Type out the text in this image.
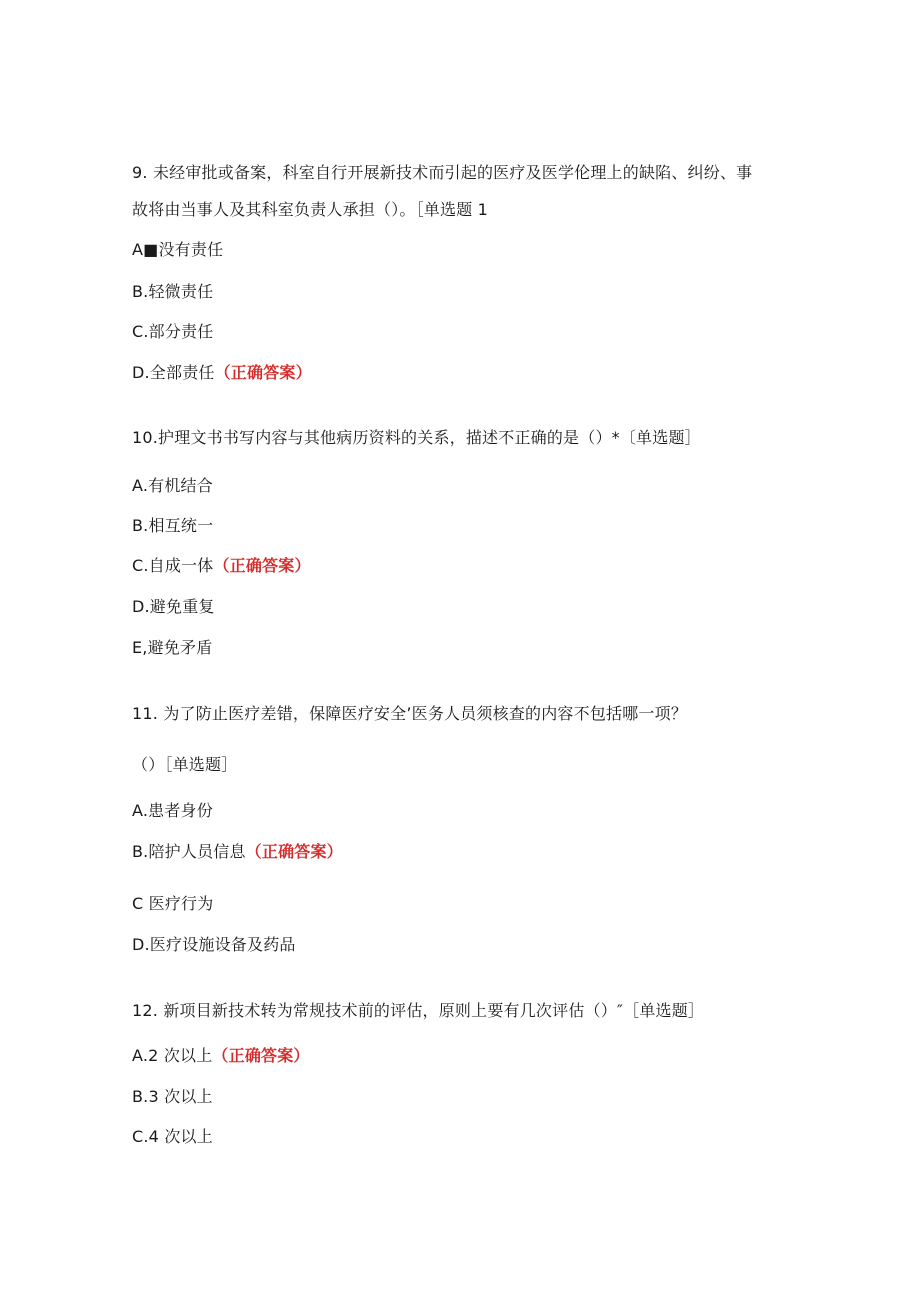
9. 未经审批或备案，科室自行开展新技术而引起的医疗及医学伦理上的缺陷、纠纷、事
故将由当事人及其科室负责人承担（）。［单选题 1
A■没有责任
B.轻微责任
C.部分责任
D.全部责任（正确答案）
10.护理文书书写内容与其他病历资料的关系，描述不正确的是（）*〔单选题］
A.有机结合
B.相互统一
C.自成一体（正确答案）
D.避免重复
E,避免矛盾
11. 为了防止医疗差错，保障医疗安全’医务人员须核查的内容不包括哪一项？
（）［单选题］
A.患者身份
B.陪护人员信息（正确答案）
C 医疗行为
D.医疗设施设备及药品
12. 新项目新技术转为常规技术前的评估，原则上要有几次评估（）″［单选题］
A.2 次以上（正确答案）
B.3 次以上
C.4 次以上
